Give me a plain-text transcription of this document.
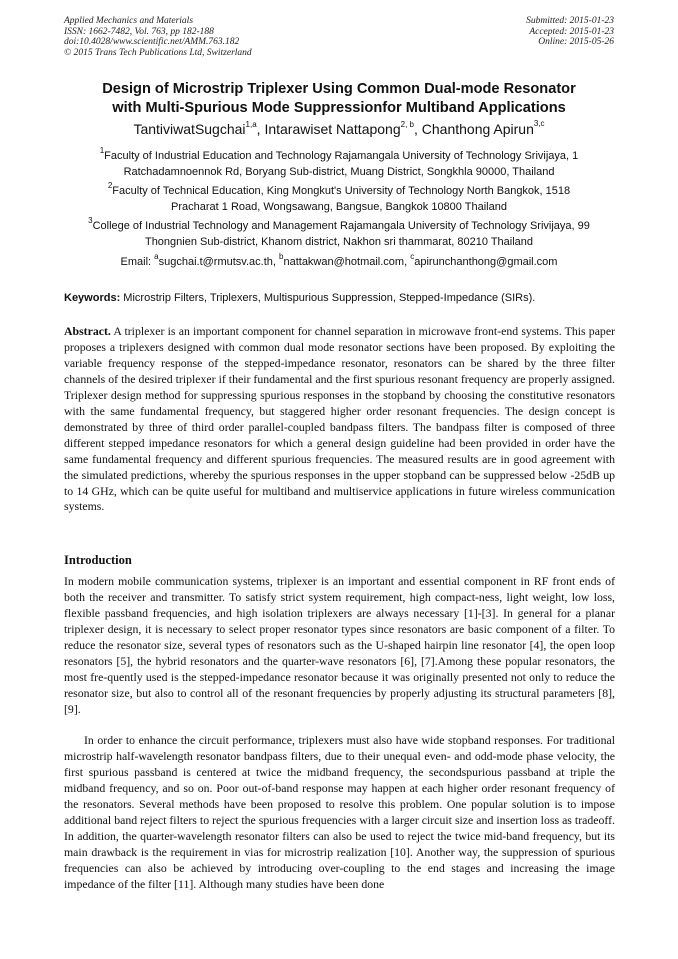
Applied Mechanics and Materials
ISSN: 1662-7482, Vol. 763, pp 182-188
doi:10.4028/www.scientific.net/AMM.763.182
© 2015 Trans Tech Publications Ltd, Switzerland
Submitted: 2015-01-23
Accepted: 2015-01-23
Online: 2015-05-26
Design of Microstrip Triplexer Using Common Dual-mode Resonator
with Multi-Spurious Mode Suppressionfor Multiband Applications
TantiviwatSugchai$^{1,a}$, Intarawiset Nattapong$^{2, b}$, Chanthong Apirun$^{3,c}$
$^1$Faculty of Industrial Education and Technology Rajamangala University of Technology Srivijaya, 1
Ratchadamnoennok Rd, Boryang Sub-district, Muang District, Songkhla 90000, Thailand
$^2$Faculty of Technical Education, King Mongkut's University of Technology North Bangkok, 1518
Pracharat 1 Road, Wongsawang, Bangsue, Bangkok 10800 Thailand
$^3$College of Industrial Technology and Management Rajamangala University of Technology Srivijaya, 99
Thongnien Sub-district, Khanom district, Nakhon sri thammarat, 80210 Thailand
Email: $^a$sugchai.t@rmutsv.ac.th, $^b$nattakwan@hotmail.com, $^c$apirunchanthong@gmail.com
Keywords: Microstrip Filters, Triplexers, Multispurious Suppression, Stepped-Impedance (SIRs).

Abstract. A triplexer is an important component for channel separation in microwave front-end systems. This paper proposes a triplexers designed with common dual mode resonator sections have been proposed. By exploiting the variable frequency response of the stepped-impedance resonator, resonators can be shared by the three filter channels of the desired triplexer if their fundamental and the first spurious resonant frequency are properly assigned. Triplexer design method for suppressing spurious responses in the stopband by choosing the constitutive resonators with the same fundamental frequency, but staggered higher order resonant frequencies. The design concept is demonstrated by three of third order parallel-coupled bandpass filters. The bandpass filter is composed of three different stepped impedance resonators for which a general design guideline had been provided in order have the same fundamental frequency and different spurious frequencies. The measured results are in good agreement with the simulated predictions, whereby the spurious responses in the upper stopband can be suppressed below -25dB up to 14 GHz, which can be quite useful for multiband and multiservice applications in future wireless communication systems.

Introduction

In modern mobile communication systems, triplexer is an important and essential component in RF front ends of both the receiver and transmitter. To satisfy strict system requirement, high compact-ness, light weight, low loss, flexible passband frequencies, and high isolation triplexers are always necessary [1]-[3]. In general for a planar triplexer design, it is necessary to select proper resonator types since resonators are basic component of a filter. To reduce the resonator size, several types of resonators such as the U-shaped hairpin line resonator [4], the open loop resonators [5], the hybrid resonators and the quarter-wave resonators [6], [7].Among these popular resonators, the most fre-quently used is the stepped-impedance resonator because it was originally presented not only to reduce the resonator size, but also to control all of the resonant frequencies by properly adjusting its structural parameters [8], [9].

In order to enhance the circuit performance, triplexers must also have wide stopband responses. For traditional microstrip half-wavelength resonator bandpass filters, due to their unequal even- and odd-mode phase velocity, the first spurious passband is centered at twice the midband frequency, the secondspurious passband at triple the midband frequency, and so on. Poor out-of-band response may happen at each higher order resonant frequency of the resonators. Several methods have been proposed to resolve this problem. One popular solution is to impose additional band reject filters to reject the spurious frequencies with a larger circuit size and insertion loss as tradeoff. In addition, the quarter-wavelength resonator filters can also be used to reject the twice mid-band frequency, but its main drawback is the requirement in vias for microstrip realization [10]. Another way, the suppression of spurious frequencies can also be achieved by introducing over-coupling to the end stages and increasing the image impedance of the filter [11]. Although many studies have been done
